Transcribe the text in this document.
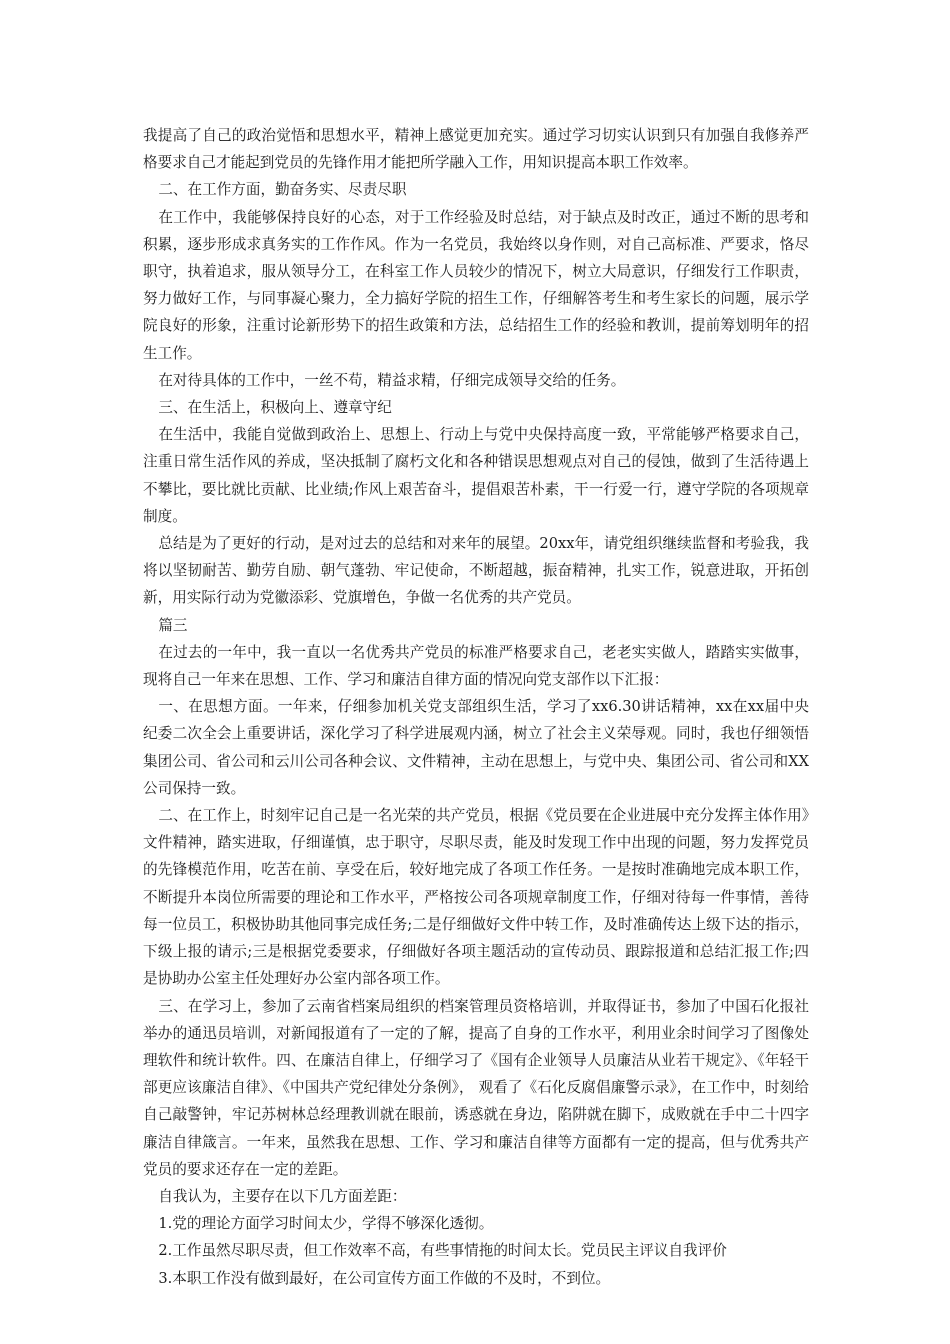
我提高了自己的政治觉悟和思想水平，精神上感觉更加充实。通过学习切实认识到只有加强自我修养严格要求自己才能起到党员的先锋作用才能把所学融入工作，用知识提高本职工作效率。

二、在工作方面，勤奋务实、尽责尽职

在工作中，我能够保持良好的心态，对于工作经验及时总结，对于缺点及时改正，通过不断的思考和积累，逐步形成求真务实的工作作风。作为一名党员，我始终以身作则，对自己高标准、严要求，恪尽职守，执着追求，服从领导分工，在科室工作人员较少的情况下，树立大局意识，仔细发行工作职责，努力做好工作，与同事凝心聚力，全力搞好学院的招生工作，仔细解答考生和考生家长的问题，展示学院良好的形象，注重讨论新形势下的招生政策和方法，总结招生工作的经验和教训，提前筹划明年的招生工作。

在对待具体的工作中，一丝不苟，精益求精，仔细完成领导交给的任务。

三、在生活上，积极向上、遵章守纪

在生活中，我能自觉做到政治上、思想上、行动上与党中央保持高度一致，平常能够严格要求自己，注重日常生活作风的养成，坚决抵制了腐朽文化和各种错误思想观点对自己的侵蚀，做到了生活待遇上不攀比，要比就比贡献、比业绩;作风上艰苦奋斗，提倡艰苦朴素，干一行爱一行，遵守学院的各项规章制度。

总结是为了更好的行动，是对过去的总结和对来年的展望。20xx年，请党组织继续监督和考验我，我将以坚韧耐苦、勤劳自励、朝气蓬勃、牢记使命，不断超越，振奋精神，扎实工作，锐意进取，开拓创新，用实际行动为党徽添彩、党旗增色，争做一名优秀的共产党员。

篇三

在过去的一年中，我一直以一名优秀共产党员的标准严格要求自己，老老实实做人，踏踏实实做事，现将自己一年来在思想、工作、学习和廉洁自律方面的情况向党支部作以下汇报：

一、在思想方面。一年来，仔细参加机关党支部组织生活，学习了xx6.30讲话精神，xx在xx届中央纪委二次全会上重要讲话，深化学习了科学进展观内涵，树立了社会主义荣辱观。同时，我也仔细领悟集团公司、省公司和云川公司各种会议、文件精神，主动在思想上，与党中央、集团公司、省公司和XX公司保持一致。

二、在工作上，时刻牢记自己是一名光荣的共产党员，根据《党员要在企业进展中充分发挥主体作用》文件精神，踏实进取，仔细谨慎，忠于职守，尽职尽责，能及时发现工作中出现的问题，努力发挥党员的先锋模范作用，吃苦在前、享受在后，较好地完成了各项工作任务。一是按时准确地完成本职工作，不断提升本岗位所需要的理论和工作水平，严格按公司各项规章制度工作，仔细对待每一件事情，善待每一位员工，积极协助其他同事完成任务;二是仔细做好文件中转工作，及时准确传达上级下达的指示，下级上报的请示;三是根据党委要求，仔细做好各项主题活动的宣传动员、跟踪报道和总结汇报工作;四是协助办公室主任处理好办公室内部各项工作。

三、在学习上，参加了云南省档案局组织的档案管理员资格培训，并取得证书，参加了中国石化报社举办的通迅员培训，对新闻报道有了一定的了解，提高了自身的工作水平，利用业余时间学习了图像处理软件和统计软件。四、在廉洁自律上，仔细学习了《国有企业领导人员廉洁从业若干规定》、《年轻干部更应该廉洁自律》、《中国共产党纪律处分条例》， 观看了《石化反腐倡廉警示录》，在工作中，时刻给自己敲警钟，牢记苏树林总经理教训就在眼前，诱惑就在身边，陷阱就在脚下，成败就在手中二十四字廉洁自律箴言。一年来，虽然我在思想、工作、学习和廉洁自律等方面都有一定的提高，但与优秀共产党员的要求还存在一定的差距。

自我认为，主要存在以下几方面差距：

1.党的理论方面学习时间太少，学得不够深化透彻。

2.工作虽然尽职尽责，但工作效率不高，有些事情拖的时间太长。党员民主评议自我评价

3.本职工作没有做到最好，在公司宣传方面工作做的不及时，不到位。
